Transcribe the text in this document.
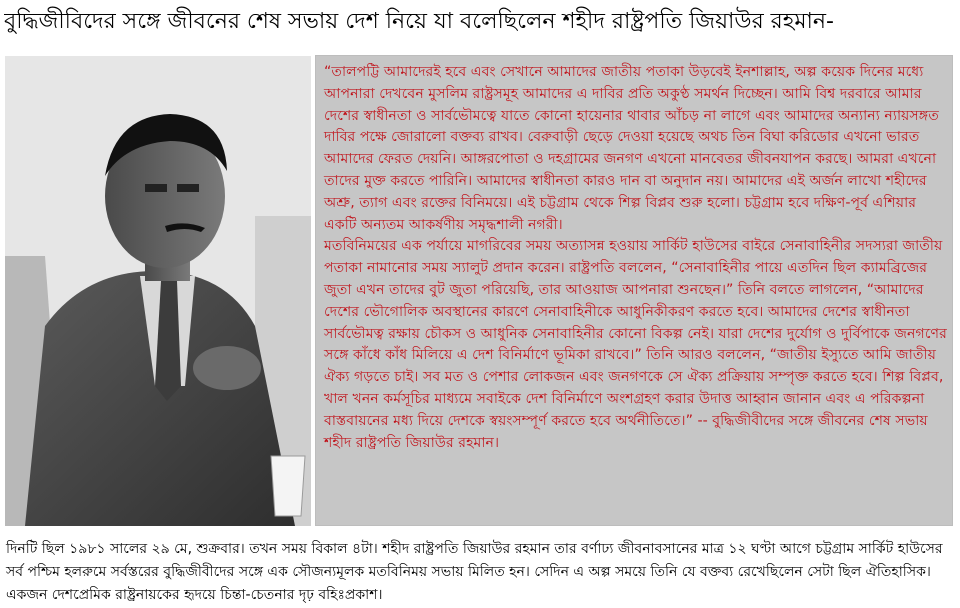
বুদ্ধিজীবিদের সঙ্গে জীবনের শেষ সভায় দেশ নিয়ে যা বলেছিলেন শহীদ রাষ্ট্রপতি জিয়াউর রহমান-

“তালপট্টি আমাদেরই হবে এবং সেখানে আমাদের জাতীয় পতাকা উড়বেই ইনশাল্লাহ, অল্প কয়েক দিনের মধ্যে আপনারা দেখবেন মুসলিম রাষ্ট্রসমূহ আমাদের এ দাবির প্রতি অকুণ্ঠ সমর্থন দিচ্ছেন। আমি বিশ্ব দরবারে আমার দেশের স্বাধীনতা ও সার্বভৌমত্বে যাতে কোনো হায়েনার থাবার আঁচড় না লাগে এবং আমাদের অন্যান্য ন্যায়সঙ্গত দাবির পক্ষে জোরালো বক্তব্য রাখব। বেরুবাড়ী ছেড়ে দেওয়া হয়েছে অথচ তিন বিঘা করিডোর এখনো ভারত আমাদের ফেরত দেয়নি। আঙ্গরপোতা ও দহগ্রামের জনগণ এখনো মানবেতর জীবনযাপন করছে। আমরা এখনো তাদের মুক্ত করতে পারিনি। আমাদের স্বাধীনতা কারও দান বা অনুদান নয়। আমাদের এই অর্জন লাখো শহীদের অশ্রু, ত্যাগ এবং রক্তের বিনিময়ে। এই চট্টগ্রাম থেকে শিল্প বিপ্লব শুরু হলো। চট্টগ্রাম হবে দক্ষিণ-পূর্ব এশিয়ার একটি অন্যতম আকর্ষণীয় সমৃদ্ধশালী নগরী।

মতবিনিময়ের এক পর্যায়ে মাগরিবের সময় অত্যাসন্ন হওয়ায় সার্কিট হাউসের বাইরে সেনাবাহিনীর সদস্যরা জাতীয় পতাকা নামানোর সময় স্যালুট প্রদান করেন। রাষ্ট্রপতি বললেন, “সেনাবাহিনীর পায়ে এতদিন ছিল ক্যামব্রিজের জুতা এখন তাদের বুট জুতা পরিয়েছি, তার আওয়াজ আপনারা শুনছেন।” তিনি বলতে লাগলেন, “আমাদের দেশের ভৌগোলিক অবস্থানের কারণে সেনাবাহিনীকে আধুনিকীকরণ করতে হবে। আমাদের দেশের স্বাধীনতা সার্বভৌমত্ব রক্ষায় চৌকস ও আধুনিক সেনাবাহিনীর কোনো বিকল্প নেই। যারা দেশের দুর্যোগ ও দুর্বিপাকে জনগণের সঙ্গে কাঁধে কাঁধ মিলিয়ে এ দেশ বিনির্মাণে ভূমিকা রাখবে।” তিনি আরও বললেন, “জাতীয় ইস্যুতে আমি জাতীয় ঐক্য গড়তে চাই। সব মত ও পেশার লোকজন এবং জনগণকে সে ঐক্য প্রক্রিয়ায় সম্পৃক্ত করতে হবে। শিল্প বিপ্লব, খাল খনন কর্মসূচির মাধ্যমে সবাইকে দেশ বিনির্মাণে অংশগ্রহণ করার উদাত্ত আহ্বান জানান এবং এ পরিকল্পনা বাস্তবায়নের মধ্য দিয়ে দেশকে স্বয়ংসম্পূর্ণ করতে হবে অর্থনীতিতে।” -- বুদ্ধিজীবীদের সঙ্গে জীবনের শেষ সভায় শহীদ রাষ্ট্রপতি জিয়াউর রহমান।

দিনটি ছিল ১৯৮১ সালের ২৯ মে, শুক্রবার। তখন সময় বিকাল ৪টা। শহীদ রাষ্ট্রপতি জিয়াউর রহমান তার বর্ণাঢ্য জীবনাবসানের মাত্র ১২ ঘণ্টা আগে চট্টগ্রাম সার্কিট হাউসের সর্ব পশ্চিম হলরুমে সর্বস্তরের বুদ্ধিজীবীদের সঙ্গে এক সৌজন্যমূলক মতবিনিময় সভায় মিলিত হন। সেদিন এ অল্প সময়ে তিনি যে বক্তব্য রেখেছিলেন সেটা ছিল ঐতিহাসিক। একজন দেশপ্রেমিক রাষ্ট্রনায়কের হৃদয়ে চিন্তা-চেতনার দৃঢ় বহিঃপ্রকাশ।
